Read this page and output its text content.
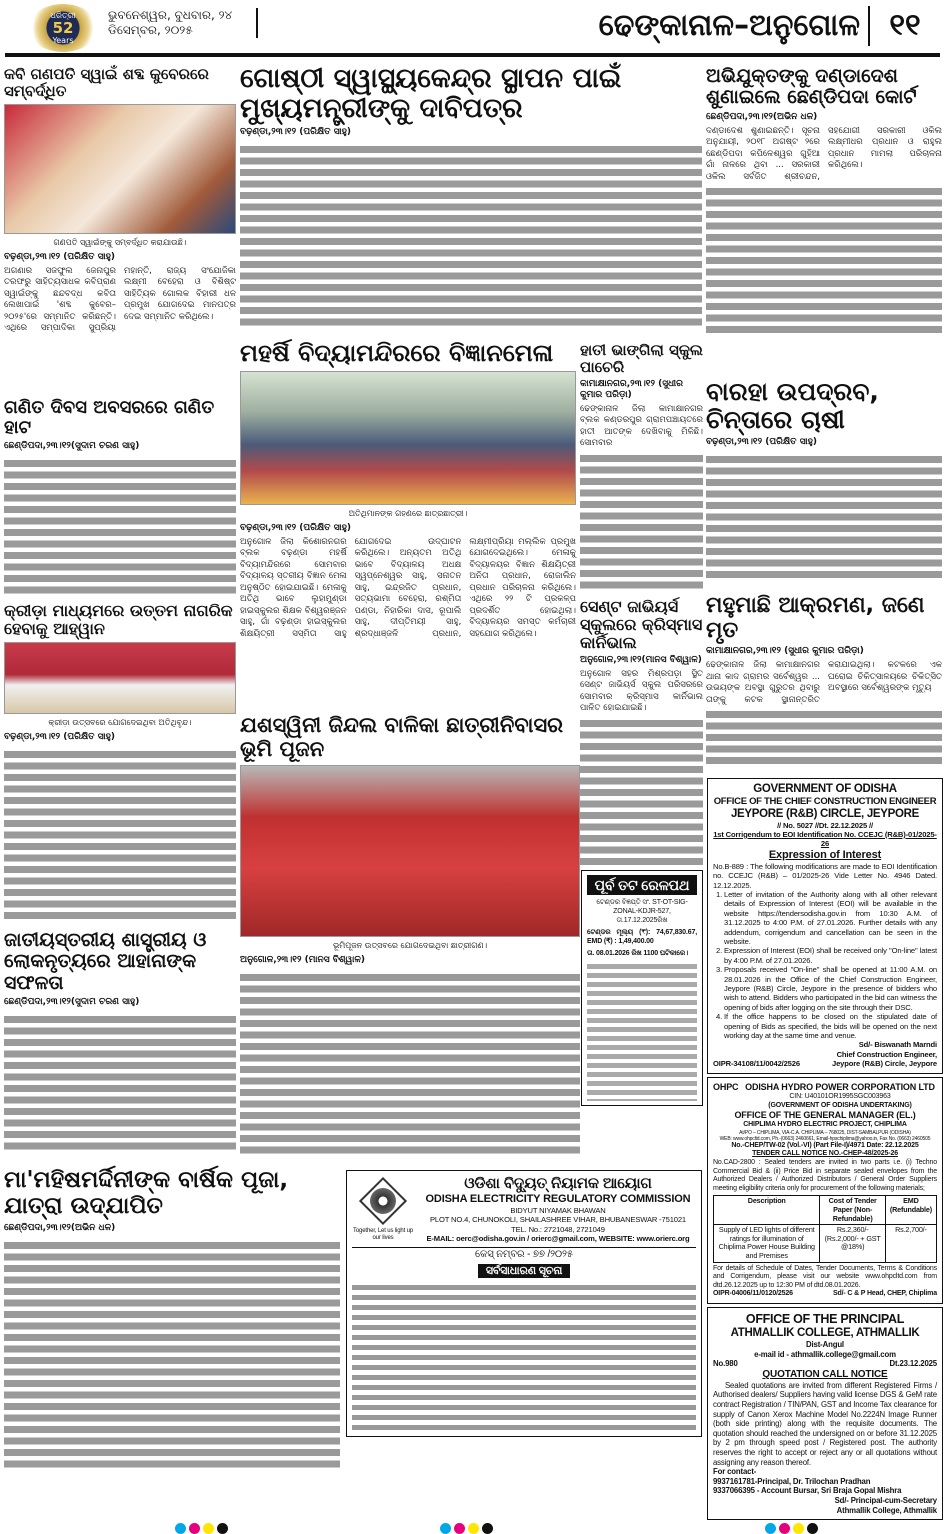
ଧରିତ୍ରୀ
52
Years
ଭୁବନେଶ୍ୱର, ବୁଧବାର, ୨୪ ଡିସେମ୍ବର, ୨୦୨୫	ଢେଙ୍କାନାଳ–ଅନୁଗୋଳ ୧୧
କବି ଗଣପତି ସ୍ୱାଇଁ ଶବ୍ଦ କୁବେରରେ ସମ୍ବର୍ଦ୍ଧିତ
ଗଣପତି ସ୍ୱାଇଁଙ୍କୁ ସମ୍ବର୍ଦ୍ଧିତ କରାଯାଉଛି।
ବଢ଼ଣ୍ଡା,୨୩।୧୨ (ପରିକ୍ଷିତ ସାହୁ)
ଅଗଣାର ସଜଫୁଲ ଜେନାପୁର ତରଫରୁ ସାହିତ୍ୟସାଧକ କବିପ୍ରାଣ ସ୍ୱାଇଁଙ୍କୁ ଛନ୍ଦବଦ୍ଧ କବିତା ଲେଖାପାଇଁ 'ଶବ୍ଦ କୁବେର– ୨୦୨୫'ରେ ସମ୍ମାନିତ କରିଛନ୍ତି। ଏଥିରେ ସମ୍ପାଦିକା ସୁପ୍ରିୟା ମହାନ୍ତି, ରାଜ୍ୟ ସଂଯୋଜିକା ଲକ୍ଷ୍ମୀ ବେହେରା ଓ ବିଶିଷ୍ଟ ସାହିତ୍ୟିକ ଗୋଲକ ବିହାରୀ ଧଳ ପ୍ରମୁଖ ଯୋଗଦେଇ ମାନପତ୍ର ଦେଇ ସମ୍ମାନିତ କରିଥିଲେ।
ଗୋଷ୍ଠୀ ସ୍ୱାସ୍ଥ୍ୟକେନ୍ଦ୍ର ସ୍ଥାପନ ପାଇଁ ମୁଖ୍ୟମନ୍ତ୍ରୀଙ୍କୁ ଦାବିପତ୍ର
ବଢ଼ଣ୍ଡା,୨୩।୧୨ (ପରିକ୍ଷିତ ସାହୁ)
ଅଭିଯୁକ୍ତଙ୍କୁ ଦଣ୍ଡାଦେଶ ଶୁଣାଇଲେ ଛେଣ୍ଡିପଦା କୋର୍ଟ
ଛେଣ୍ଡିପଦା,୨୩।୧୨(ଅଭିନ ଧଳ)
ଦଣ୍ଡାଦେଶ ଶୁଣାଇଛନ୍ତି। ସୂଚନା ଅନୁଯାୟୀ, ୨୦୧୮ ଅଗଷ୍ଟ ୨ରେ ଛେଣ୍ଡିପଦା କପିଳେଶ୍ୱର ଗୁହିଆ ଗାଁ ନାଳରେ ଥିବା ... ସରକାରୀ ଓକିଲ ସର୍ବଜିତ ଶ୍ରୀଚନ୍ଦନ, ସହଯୋଗୀ ସରକାରୀ ଓକିଲ ଲକ୍ଷ୍ମୀଧର ପ୍ରଧାନ ଓ ରାହୁଲ ପ୍ରଧାନ ମାମଲା ପରିଚାଳନା କରିଥିଲେ।
ମହର୍ଷି ବିଦ୍ୟାମନ୍ଦିରରେ ବିଜ୍ଞାନମେଳା
ଅତିଥିମାନଙ୍କ ଗହଣରେ ଛାତ୍ରଛାତ୍ରୀ।
ବଢ଼ଣ୍ଡା,୨୩।୧୨ (ପରିକ୍ଷିତ ସାହୁ)
ଅନୁଗୋଳ ଜିଲା କିଶୋରନଗର ବ୍ଲକ ବଢ଼ଣ୍ଡା ମହର୍ଷି ବିଦ୍ୟାମନ୍ଦିରରେ ସୋମବାର ବିଦ୍ୟାଳୟ ସ୍ତରୀୟ ବିଜ୍ଞାନ ମେଳା ଅନୁଷ୍ଠିତ ହୋଇଯାଇଛି। ମେଳାକୁ ଅତିଥି ଭାବେ ଲୁହାମୁଣ୍ଡା ହାଇସ୍କୁଲର ଶିକ୍ଷକ ବିଶ୍ୱରଞ୍ଜନ ସାହୁ, ଗାଁ ବଢ଼ଣ୍ଡା ହାଇସ୍କୁଲର ଶିକ୍ଷୟିତ୍ରୀ ସସ୍ମିତା ସାହୁ ଯୋଗଦେଇ ଉଦ୍‌ଘାଟନ କରିଥିଲେ। ଅନ୍ୟତମ ଅତିଥି ଭାବେ ବିଦ୍ୟାଳୟ ଅଧକ୍ଷ ସ୍ୱପ୍ନେଶ୍ୱର ସାହୁ, ସନାତନ ସାହୁ, ଇନ୍ଦ୍ରଜିତ ପ୍ରଧାନ, ସତ୍ୟଭାମା ବେହେରା, ରଶ୍ମିତା ପଣ୍ଡା, ନିହାରିକା ଦାସ, ରୂପାଲି ସାହୁ, ଦୀପ୍ତିମୟୀ ସାହୁ, ଶ୍ରଦ୍ଧାଞ୍ଜଳି ପ୍ରଧାନ, ଲକ୍ଷ୍ମୀପ୍ରିୟା ମଲ୍ଲିକ ପ୍ରମୁଖ ଯୋଗଦେଇଥିଲେ। ମେଳାକୁ ବିଦ୍ୟାଳୟର ବିଜ୍ଞାନ ଶିକ୍ଷୟିତ୍ରୀ ଅନିତା ପ୍ରଧାନ, ରୋଜାଲିନ ପ୍ରଧାନ ପରିଚାଳନା କରିଥିଲେ। ଏଥିରେ ୨୨ ଟି ପ୍ରକଳ୍ପ ପ୍ରଦର୍ଶିତ ହୋଇଥିଲା। ବିଦ୍ୟାଳୟର ସମସ୍ତ କର୍ମଚାରୀ ସହଯୋଗ କରିଥିଲେ।
ଗଣିତ ଦିବସ ଅବସରରେ ଗଣିତ ହାଟ
ଛେଣ୍ଡିପଦା,୨୩।୧୨(ସୁଦାମ ଚରଣ ସାହୁ)
ହାତୀ ଭାଙ୍ଗିଲା ସ୍କୁଲ ପାଚେରି
କାମାକ୍ଷାନଗର,୨୩।୧୨ (ସୁଧୀର କୁମାର ପରିଡ଼ା)
ଢେଙ୍କାନାଳ ଜିଲା କାମାକ୍ଷାନଗର ବ୍ଲକ କଣ୍ଡରପୁର ଗ୍ରାମପଞ୍ଚାୟତରେ ହାତୀ ଆତଙ୍କ ଦେଖିବାକୁ ମିଳିଛି। ସୋମବାର
ବାରହା ଉପଦ୍ରବ, ଚିନ୍ତାରେ ଚାଷୀ
ବଢ଼ଣ୍ଡା,୨୩।୧୨ (ପରିକ୍ଷିତ ସାହୁ)
କ୍ରୀଡ଼ା ମାଧ୍ୟମରେ ଉତ୍ତମ ନାଗରିକ ହେବାକୁ ଆହ୍ୱାନ
କ୍ରୀଡ଼ା ଉତ୍ସବରେ ଯୋଗଦେଇଥିବା ଅତିଥିବୃନ୍ଦ।
ବଢ଼ଣ୍ଡା,୨୩।୧୨ (ପରିକ୍ଷିତ ସାହୁ)
ସେଣ୍ଟ ଜାଭିୟର୍ସ ସ୍କୁଲରେ କ୍ରିସ୍‌ମାସ କାର୍ନିଭାଲ
ଅନୁଗୋଳ,୨୩।୧୨(ମାନସ ବିଶ୍ୱାଳ)
ଅନୁଗୋଳ ସହର ମିଶ୍ରପଡ଼ା ସ୍ଥିତ ସେଣ୍ଟ ଜାଭିୟର୍ସ ସ୍କୁଲ ପରିସରରେ ସୋମବାର କ୍ରିସ୍‌ମାସ କାର୍ନିଭାଲ ପାଳିତ ହୋଇଯାଇଛି।
ମହୁମାଛି ଆକ୍ରମଣ, ଜଣେ ମୃତ
କାମାକ୍ଷାନଗର,୨୩।୧୨ (ସୁଧୀର କୁମାର ପରିଡ଼ା)
ଢେଙ୍କାନାଳ ଜିଲା କାମାକ୍ଷାନଗର ଥାନା କାଦ ଗ୍ରାମର ସର୍ବେଶ୍ୱର ... ଉଭୟଙ୍କ ଅବସ୍ଥା ଗୁରୁତର ଥିବାରୁ ତାଙ୍କୁ କଟକ ସ୍ଥାନାନ୍ତରିତ କରାଯାଇଥିଲା। କଟକରେ ଏକ ଘରୋଇ ଚିକିତ୍ସାଳୟରେ ଚିକିତ୍ସିତ ଅବସ୍ଥାରେ ସର୍ବେଶ୍ୱରଙ୍କ ମୃତ୍ୟୁ
ଯଶସ୍ୱିନୀ ଜିନ୍ଦଲ ବାଳିକା ଛାତ୍ରୀନିବାସର ଭୂମି ପୂଜନ
ଭୂମିପୂଜନ ଉତ୍ସବରେ ଯୋଗଦେଇଥିବା ଛାତ୍ରୀଗଣ।
ଅନୁଗୋଳ,୨୩।୧୨ (ମାନସ ବିଶ୍ୱାଳ)
ଜାତୀୟସ୍ତରୀୟ ଶାସ୍ତ୍ରୀୟ ଓ ଲୋକନୃତ୍ୟରେ ଆହାନାଙ୍କ ସଫଳତା
ଛେଣ୍ଡିପଦା,୨୩।୧୨(ସୁଦାମ ଚରଣ ସାହୁ)
ମା'ମହିଷମର୍ଦ୍ଦିନୀଙ୍କ ବାର୍ଷିକ ପୂଜା, ଯାତ୍ରା ଉଦ୍‌ଯାପିତ
ଛେଣ୍ଡିପଦା,୨୩।୧୨(ଅଭିନ ଧଳ)
ପୂର୍ବ ତଟ ରେଳପଥ
ଟେଣ୍ଡର ବିଜ୍ଞପ୍ତି ସଂ. ST-OT-SIG-ZONAL-KDJR-527, ତା.17.12.2025ରିଖ
ଟେଣ୍ଡର ମୂଲ୍ୟ (₹): 74,67,830.67, EMD (₹) : 1,49,400.00
ତା. 08.01.2026 ରିଖ 1100 ଘଟିକାରେ।
Together, Let us light up our lives
ଓଡିଶା ବିଦ୍ୟୁତ୍ ନିୟାମକ ଆୟୋଗ
ODISHA ELECTRICITY REGULATORY COMMISSION
BIDYUT NIYAMAK BHAWAN
PLOT NO.4, CHUNOKOLI, SHAILASHREE VIHAR, BHUBANESWAR -751021
TEL. No.: 2721048, 2721049
E-MAIL: oerc@odisha.gov.in / orierc@gmail.com, WEBSITE: www.orierc.org
କେସ୍ ନମ୍ବର - ୭୭ /୨୦୨୫
ସର୍ବସାଧାରଣ ସୂଚନା
GOVERNMENT OF ODISHA
OFFICE OF THE CHIEF CONSTRUCTION ENGINEER
JEYPORE (R&B) CIRCLE, JEYPORE
// No. 5027 //Dt. 22.12.2025 //
1st Corrigendum to EOI Identification No. CCEJC (R&B)-01/2025-26
Expression of Interest
No.B-889 : The following modifications are made to EOI Identification no. CCEJC (R&B) – 01/2025-26 Vide Letter No. 4946 Dated. 12.12.2025.
1. Letter of invitation of the Authority along with all other relevant details of Expression of Interest (EOI) will be available in the website https://tendersodisha.gov.in from 10:30 A.M. of 31.12.2025 to 4:00 P.M. of 27.01.2026. Further details with any addendum, corrigendum and cancellation can be seen in the website.
2. Expression of Interest (EOI) shall be received only "On-line" latest by 4:00 P.M. of 27.01.2026.
3. Proposals received "On-line" shall be opened at 11:00 A.M. on 28.01.2026 in the Office of the Chief Construction Engineer, Jeypore (R&B) Circle, Jeypore in the presence of bidders who wish to attend. Bidders who participated in the bid can witness the opening of bids after logging on the site through their DSC.
4. If the office happens to be closed on the stipulated date of opening of Bids as specified, the bids will be opened on the next working day at the same time and venue.
Sd/- Biswanath Marndi
Chief Construction Engineer,
OIPR-34108/11/0042/2526	Jeypore (R&B) Circle, Jeypore
OHPC ODISHA HYDRO POWER CORPORATION LTD
CIN: U40101OR1995SGC003963
(GOVERNMENT OF ODISHA UNDERTAKING)
OFFICE OF THE GENERAL MANAGER (EL.)
CHIPLIMA HYDRO ELECTRIC PROJECT, CHIPLIMA
At/PO – CHIPLIMA, VIA-C.A. CHIPLIMA – 768025, DIST-SAMBALPUR (ODISHA)
WEB: www.ohpcltd.com, Ph.-(0663) 2460661, Email-hpschiplima@yahoo.in, Fax No. (0663) 2460505
No.-CHEP/TW-02 (Vol.-VI) (Part File-I)/4971 Date: 22.12.2025
TENDER CALL NOTICE NO.-CHEP-48/2025-26
No.CAD-2800 : Sealed tenders are invited in two parts i.e. (i) Techno Commercial Bid & (ii) Price Bid in separate sealed envelopes from the Authorized Dealers / Authorized Distributors / General Order Suppliers meeting eligibility criteria only for procurement of the following materials;
Description	Cost of Tender Paper (Non-Refundable)	EMD (Refundable)
Supply of LED lights of different ratings for illumination of Chiplima Power House Building and Premises	Rs.2,360/- (Rs.2,000/- + GST @18%)	Rs.2,700/-
For details of Schedule of Dates, Tender Documents, Terms & Conditions and Corrigendum, please visit our website www.ohpcltd.com from dtd.26.12.2025 up to 12:30 PM of dtd.08.01.2026.
OIPR-04006/11/0120/2526	Sd/- C & P Head, CHEP, Chiplima
OFFICE OF THE PRINCIPAL
ATHMALLIK COLLEGE, ATHMALLIK
Dist-Angul
e-mail id - athmallik.college@gmail.com
No.980	Dt.23.12.2025
QUOTATION CALL NOTICE
Sealed quotations are invited from different Registered Firms / Authorised dealers/ Suppliers having valid license DGS & GeM rate contract Registration / TIN/PAN, GST and Income Tax clearance for supply of Canon Xerox Machine Model No.2224N Image Runner (both side printing) along with the requisite documents. The quotation should reached the undersigned on or before 31.12.2025 by 2 pm through speed post / Registered post. The authority reserves the right to accept or reject any or all quotations without assigning any reason thereof.
For contact-
9937161781-Principal, Dr. Trilochan Pradhan
9337066395 - Account Bursar, Sri Braja Gopal Mishra
Sd/- Principal-cum-Secretary
Athmallik College, Athmallik
